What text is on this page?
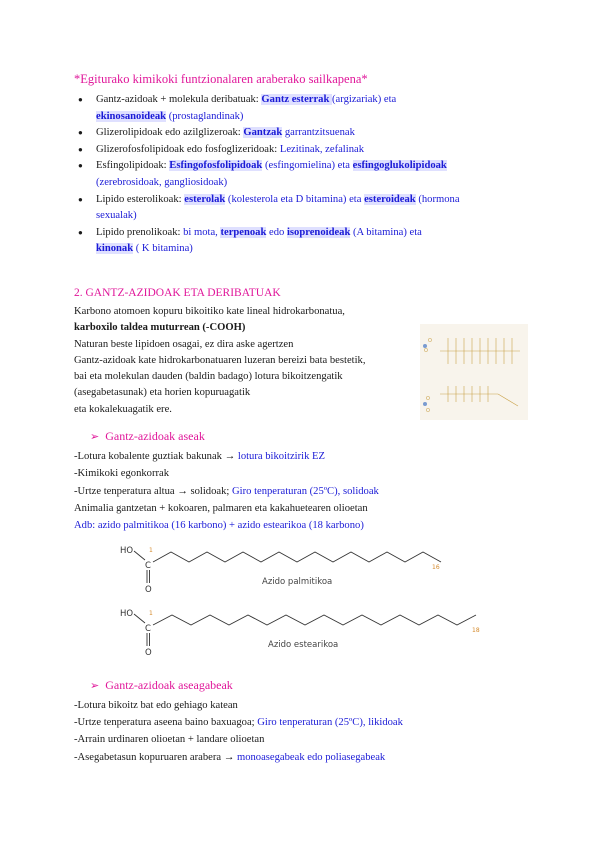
*Egiturako kimikoki funtzionalaren araberako sailkapena*
● Gantz-azidoak + molekula deribatuak: Gantz esterrak (argizariak) eta
ekinosanoideak (prostaglandinak)
● Glizerolipidoak edo azilglizeroak: Gantzak garrantzitsuenak
● Glizerofosfolipidoak edo fosfoglizeridoak: Lezitinak, zefalinak
● Esfingolipidoak: Esfingofosfolipidoak (esfingomielina) eta esfingoglukolipidoak
(zerebrosidoak, gangliosidoak)
● Lipido esterolikoak: esterolak (kolesterola eta D bitamina) eta esteroideak (hormona sexualak)
● Lipido prenolikoak: bi mota, terpenoak edo isoprenoideak (A bitamina) eta
kinonak ( K bitamina)
2. GANTZ-AZIDOAK ETA DERIBATUAK
Karbono atomoen kopuru bikoitiko kate lineal hidrokarbonatua,
karboxilo taldea muturrean (-COOH)
Naturan beste lipidoen osagai, ez dira aske agertzen
Gantz-azidoak kate hidrokarbonatuaren luzeran bereizi bata bestetik,
bai eta molekulan dauden (baldin badago) lotura bikoitzengatik
(asegabetasunak) eta horien kopuruagatik
eta kokalekuagatik ere.
O
O
O
O
➢ Gantz-azidoak aseak
-Lotura kobalente guztiak bakunak → lotura bikoitzirik EZ
-Kimikoki egonkorrak
-Urtze tenperatura altua → solidoak; Giro tenperaturan (25ºC), solidoak
Animalia gantzetan + kokoaren, palmaren eta kakahuetearen olioetan
Adb: azido palmitikoa (16 karbono) + azido estearikoa (18 karbono)
HO
C
O
Azido palmitikoa
1
16
HO
C
O
Azido estearikoa
1
18
➢ Gantz-azidoak aseagabeak
-Lotura bikoitz bat edo gehiago katean
-Urtze tenperatura aseena baino baxuagoa; Giro tenperaturan (25ºC), likidoak
-Arrain urdinaren olioetan + landare olioetan
-Asegabetasun kopuruaren arabera → monoasegabeak edo poliasegabeak
